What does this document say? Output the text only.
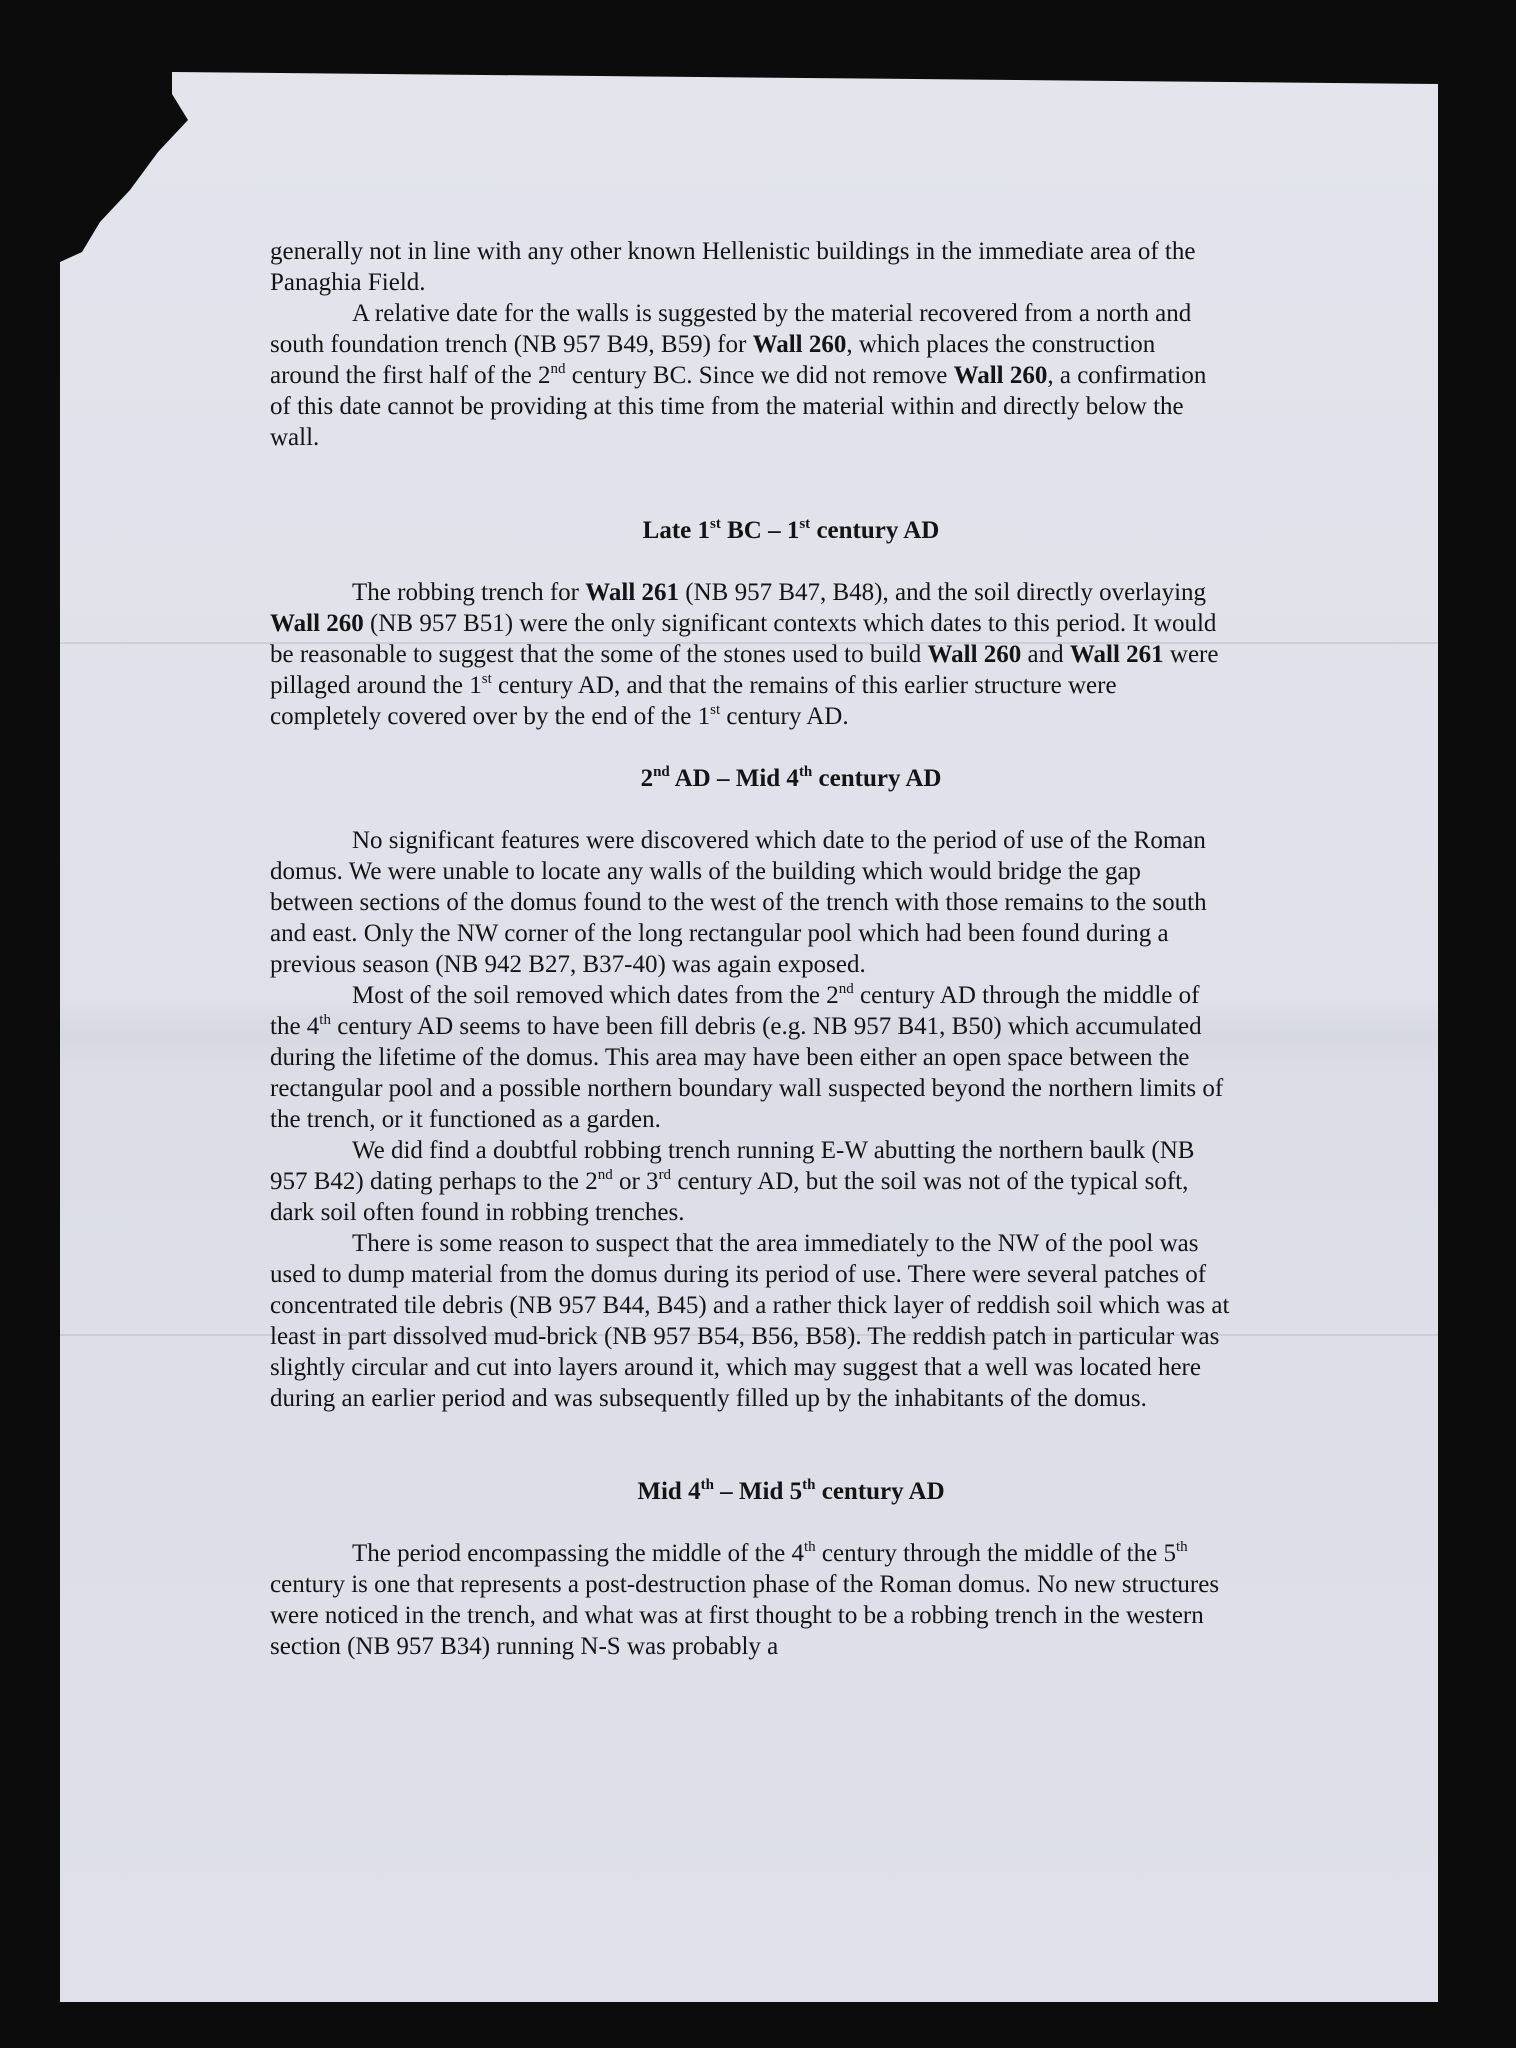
generally not in line with any other known Hellenistic buildings in the immediate area of the Panaghia Field.

A relative date for the walls is suggested by the material recovered from a north and south foundation trench (NB 957 B49, B59) for Wall 260, which places the construction around the first half of the 2nd century BC. Since we did not remove Wall 260, a confirmation of this date cannot be providing at this time from the material within and directly below the wall.

Late 1st BC – 1st century AD

The robbing trench for Wall 261 (NB 957 B47, B48), and the soil directly overlaying Wall 260 (NB 957 B51) were the only significant contexts which dates to this period. It would be reasonable to suggest that the some of the stones used to build Wall 260 and Wall 261 were pillaged around the 1st century AD, and that the remains of this earlier structure were completely covered over by the end of the 1st century AD.

2nd AD – Mid 4th century AD

No significant features were discovered which date to the period of use of the Roman domus. We were unable to locate any walls of the building which would bridge the gap between sections of the domus found to the west of the trench with those remains to the south and east. Only the NW corner of the long rectangular pool which had been found during a previous season (NB 942 B27, B37-40) was again exposed.

Most of the soil removed which dates from the 2nd century AD through the middle of the 4th century AD seems to have been fill debris (e.g. NB 957 B41, B50) which accumulated during the lifetime of the domus. This area may have been either an open space between the rectangular pool and a possible northern boundary wall suspected beyond the northern limits of the trench, or it functioned as a garden.

We did find a doubtful robbing trench running E-W abutting the northern baulk (NB 957 B42) dating perhaps to the 2nd or 3rd century AD, but the soil was not of the typical soft, dark soil often found in robbing trenches.

There is some reason to suspect that the area immediately to the NW of the pool was used to dump material from the domus during its period of use. There were several patches of concentrated tile debris (NB 957 B44, B45) and a rather thick layer of reddish soil which was at least in part dissolved mud-brick (NB 957 B54, B56, B58). The reddish patch in particular was slightly circular and cut into layers around it, which may suggest that a well was located here during an earlier period and was subsequently filled up by the inhabitants of the domus.

Mid 4th – Mid 5th century AD

The period encompassing the middle of the 4th century through the middle of the 5th century is one that represents a post-destruction phase of the Roman domus. No new structures were noticed in the trench, and what was at first thought to be a robbing trench in the western section (NB 957 B34) running N-S was probably a
